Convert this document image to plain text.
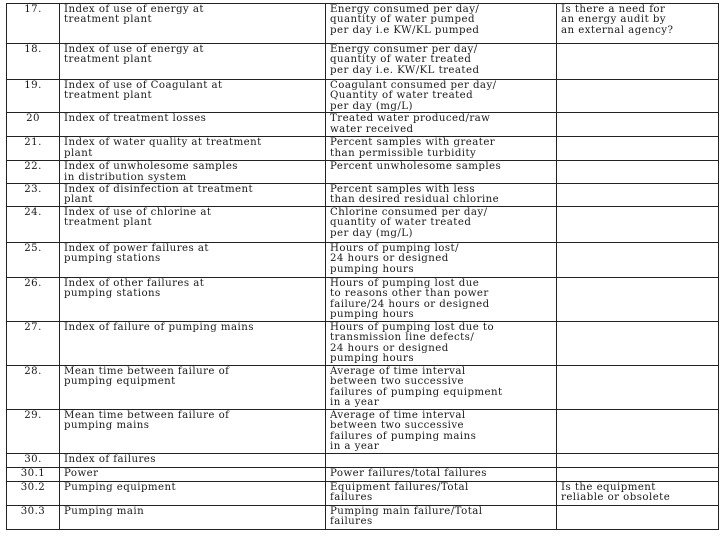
17.	Index of use of energy at
treatment plant	Energy consumed per day/
quantity of water pumped
per day i.e KW/KL pumped	Is there a need for
an energy audit by
an external agency?
18.	Index of use of energy at
treatment plant	Energy consumer per day/
quantity of water treated
per day i.e. KW/KL treated	
19.	Index of use of Coagulant at
treatment plant	Coagulant consumed per day/
Quantity of water treated
per day (mg/L)	
20	Index of treatment losses	Treated water produced/raw
water received	
21.	Index of water quality at treatment
plant	Percent samples with greater
than permissible turbidity	
22.	Index of unwholesome samples
in distribution system	Percent unwholesome samples	
23.	Index of disinfection at treatment
plant	Percent samples with less
than desired residual chlorine	
24.	Index of use of chlorine at
treatment plant	Chlorine consumed per day/
quantity of water treated
per day (mg/L)	
25.	Index of power failures at
pumping stations	Hours of pumping lost/
24 hours or designed
pumping hours	
26.	Index of other failures at
pumping stations	Hours of pumping lost due
to reasons other than power
failure/24 hours or designed
pumping hours	
27.	Index of failure of pumping mains	Hours of pumping lost due to
transmission line defects/
24 hours or designed
pumping hours	
28.	Mean time between failure of
pumping equipment	Average of time interval
between two successive
failures of pumping equipment
in a year	
29.	Mean time between failure of
pumping mains	Average of time interval
between two successive
failures of pumping mains
in a year	
30.	Index of failures		
30.1	Power	Power failures/total failures	
30.2	Pumping equipment	Equipment failures/Total
failures	Is the equipment
reliable or obsolete
30.3	Pumping main	Pumping main failure/Total
failures	
